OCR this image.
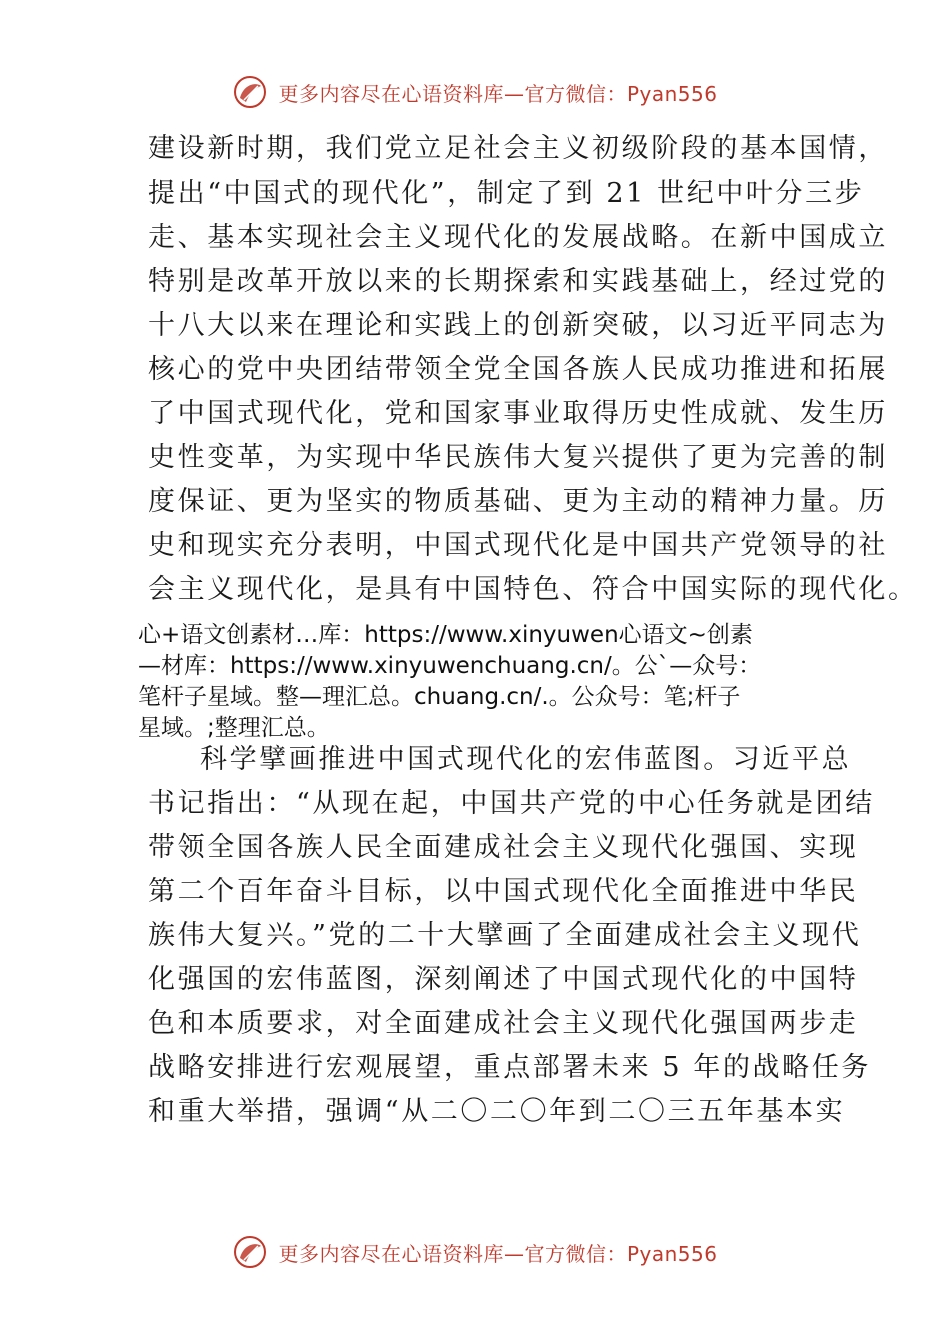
更多内容尽在心语资料库—官方微信：Pyan556
建设新时期，我们党立足社会主义初级阶段的基本国情，
提出“中国式的现代化”，制定了到 21 世纪中叶分三步
走、基本实现社会主义现代化的发展战略。在新中国成立
特别是改革开放以来的长期探索和实践基础上，经过党的
十八大以来在理论和实践上的创新突破，以习近平同志为
核心的党中央团结带领全党全国各族人民成功推进和拓展
了中国式现代化，党和国家事业取得历史性成就、发生历
史性变革，为实现中华民族伟大复兴提供了更为完善的制
度保证、更为坚实的物质基础、更为主动的精神力量。历
史和现实充分表明，中国式现代化是中国共产党领导的社
会主义现代化，是具有中国特色、符合中国实际的现代化。
心+语文创素材…库：https://www.xinyuwen心语文~创素
—材库：https://www.xinyuwenchuang.cn/。公`—众号：
笔杆子星域。整—理汇总。chuang.cn/.。公众号：笔;杆子
星域。;整理汇总。
科学擘画推进中国式现代化的宏伟蓝图。习近平总
书记指出：“从现在起，中国共产党的中心任务就是团结
带领全国各族人民全面建成社会主义现代化强国、实现
第二个百年奋斗目标，以中国式现代化全面推进中华民
族伟大复兴。”党的二十大擘画了全面建成社会主义现代
化强国的宏伟蓝图，深刻阐述了中国式现代化的中国特
色和本质要求，对全面建成社会主义现代化强国两步走
战略安排进行宏观展望，重点部署未来 5 年的战略任务
和重大举措，强调“从二〇二〇年到二〇三五年基本实
更多内容尽在心语资料库—官方微信：Pyan556
